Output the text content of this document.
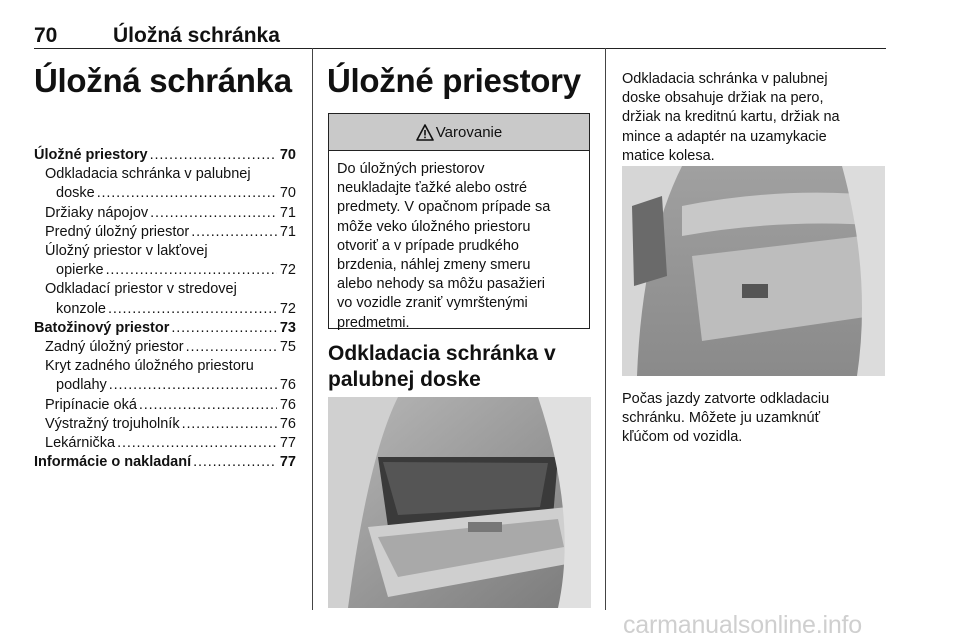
70	Úložná schránka
Úložná schránka
Úložné priestory . . .	70
Odkladacia schránka v palubnej
doske . . .	70
Držiaky nápojov . . .	71
Predný úložný priestor . . .	71
Úložný priestor v lakťovej
opierke . . .	72
Odkladací priestor v stredovej
konzole . . .	72
Batožinový priestor . . .	73
Zadný úložný priestor . . .	75
Kryt zadného úložného priestoru
podlahy . . .	76
Pripínacie oká . . .	76
Výstražný trojuholník . . .	76
Lekárnička . . .	77
Informácie o nakladaní . . .	77
Úložné priestory
Varovanie
Do úložných priestorov
neukladajte ťažké alebo ostré
predmety. V opačnom prípade sa
môže veko úložného priestoru
otvoriť a v prípade prudkého
brzdenia, náhlej zmeny smeru
alebo nehody sa môžu pasažieri
vo vozidle zraniť vymrštenými
predmetmi.
Odkladacia schránka v
palubnej doske
Odkladacia schránka v palubnej
doske obsahuje držiak na pero,
držiak na kreditnú kartu, držiak na
mince a adaptér na uzamykacie
matice kolesa.
Počas jazdy zatvorte odkladaciu
schránku. Môžete ju uzamknúť
kľúčom od vozidla.
carmanualsonline.info
